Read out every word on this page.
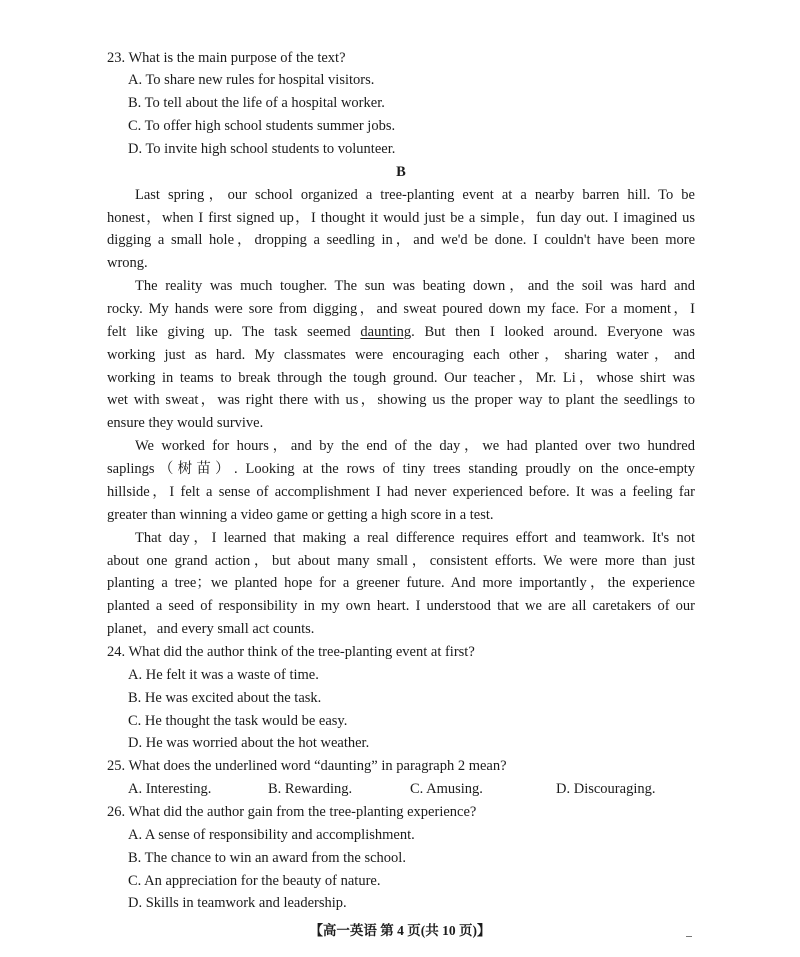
23. What is the main purpose of the text?
A. To share new rules for hospital visitors.
B. To tell about the life of a hospital worker.
C. To offer high school students summer jobs.
D. To invite high school students to volunteer.
B
Last spring，our school organized a tree-planting event at a nearby barren hill. To be
honest，when I first signed up，I thought it would just be a simple，fun day out. I imagined us
digging a small hole，dropping a seedling in，and we'd be done. I couldn't have been more
wrong.
The reality was much tougher. The sun was beating down，and the soil was hard and
rocky. My hands were sore from digging，and sweat poured down my face. For a moment，I
felt like giving up. The task seemed daunting. But then I looked around. Everyone was
working just as hard. My classmates were encouraging each other，sharing water，and
working in teams to break through the tough ground. Our teacher，Mr. Li，whose shirt was
wet with sweat，was right there with us，showing us the proper way to plant the seedlings to
ensure they would survive.
We worked for hours，and by the end of the day，we had planted over two hundred
saplings（树苗）. Looking at the rows of tiny trees standing proudly on the once-empty
hillside，I felt a sense of accomplishment I had never experienced before. It was a feeling far
greater than winning a video game or getting a high score in a test.
That day，I learned that making a real difference requires effort and teamwork. It's not
about one grand action，but about many small，consistent efforts. We were more than just
planting a tree；we planted hope for a greener future. And more importantly，the experience
planted a seed of responsibility in my own heart. I understood that we are all caretakers of our
planet，and every small act counts.
24. What did the author think of the tree-planting event at first?
A. He felt it was a waste of time.
B. He was excited about the task.
C. He thought the task would be easy.
D. He was worried about the hot weather.
25. What does the underlined word “daunting” in paragraph 2 mean?
A. Interesting.	B. Rewarding.	C. Amusing.	D. Discouraging.
26. What did the author gain from the tree-planting experience?
A. A sense of responsibility and accomplishment.
B. The chance to win an award from the school.
C. An appreciation for the beauty of nature.
D. Skills in teamwork and leadership.
【高一英语 第 4 页(共 10 页)】
